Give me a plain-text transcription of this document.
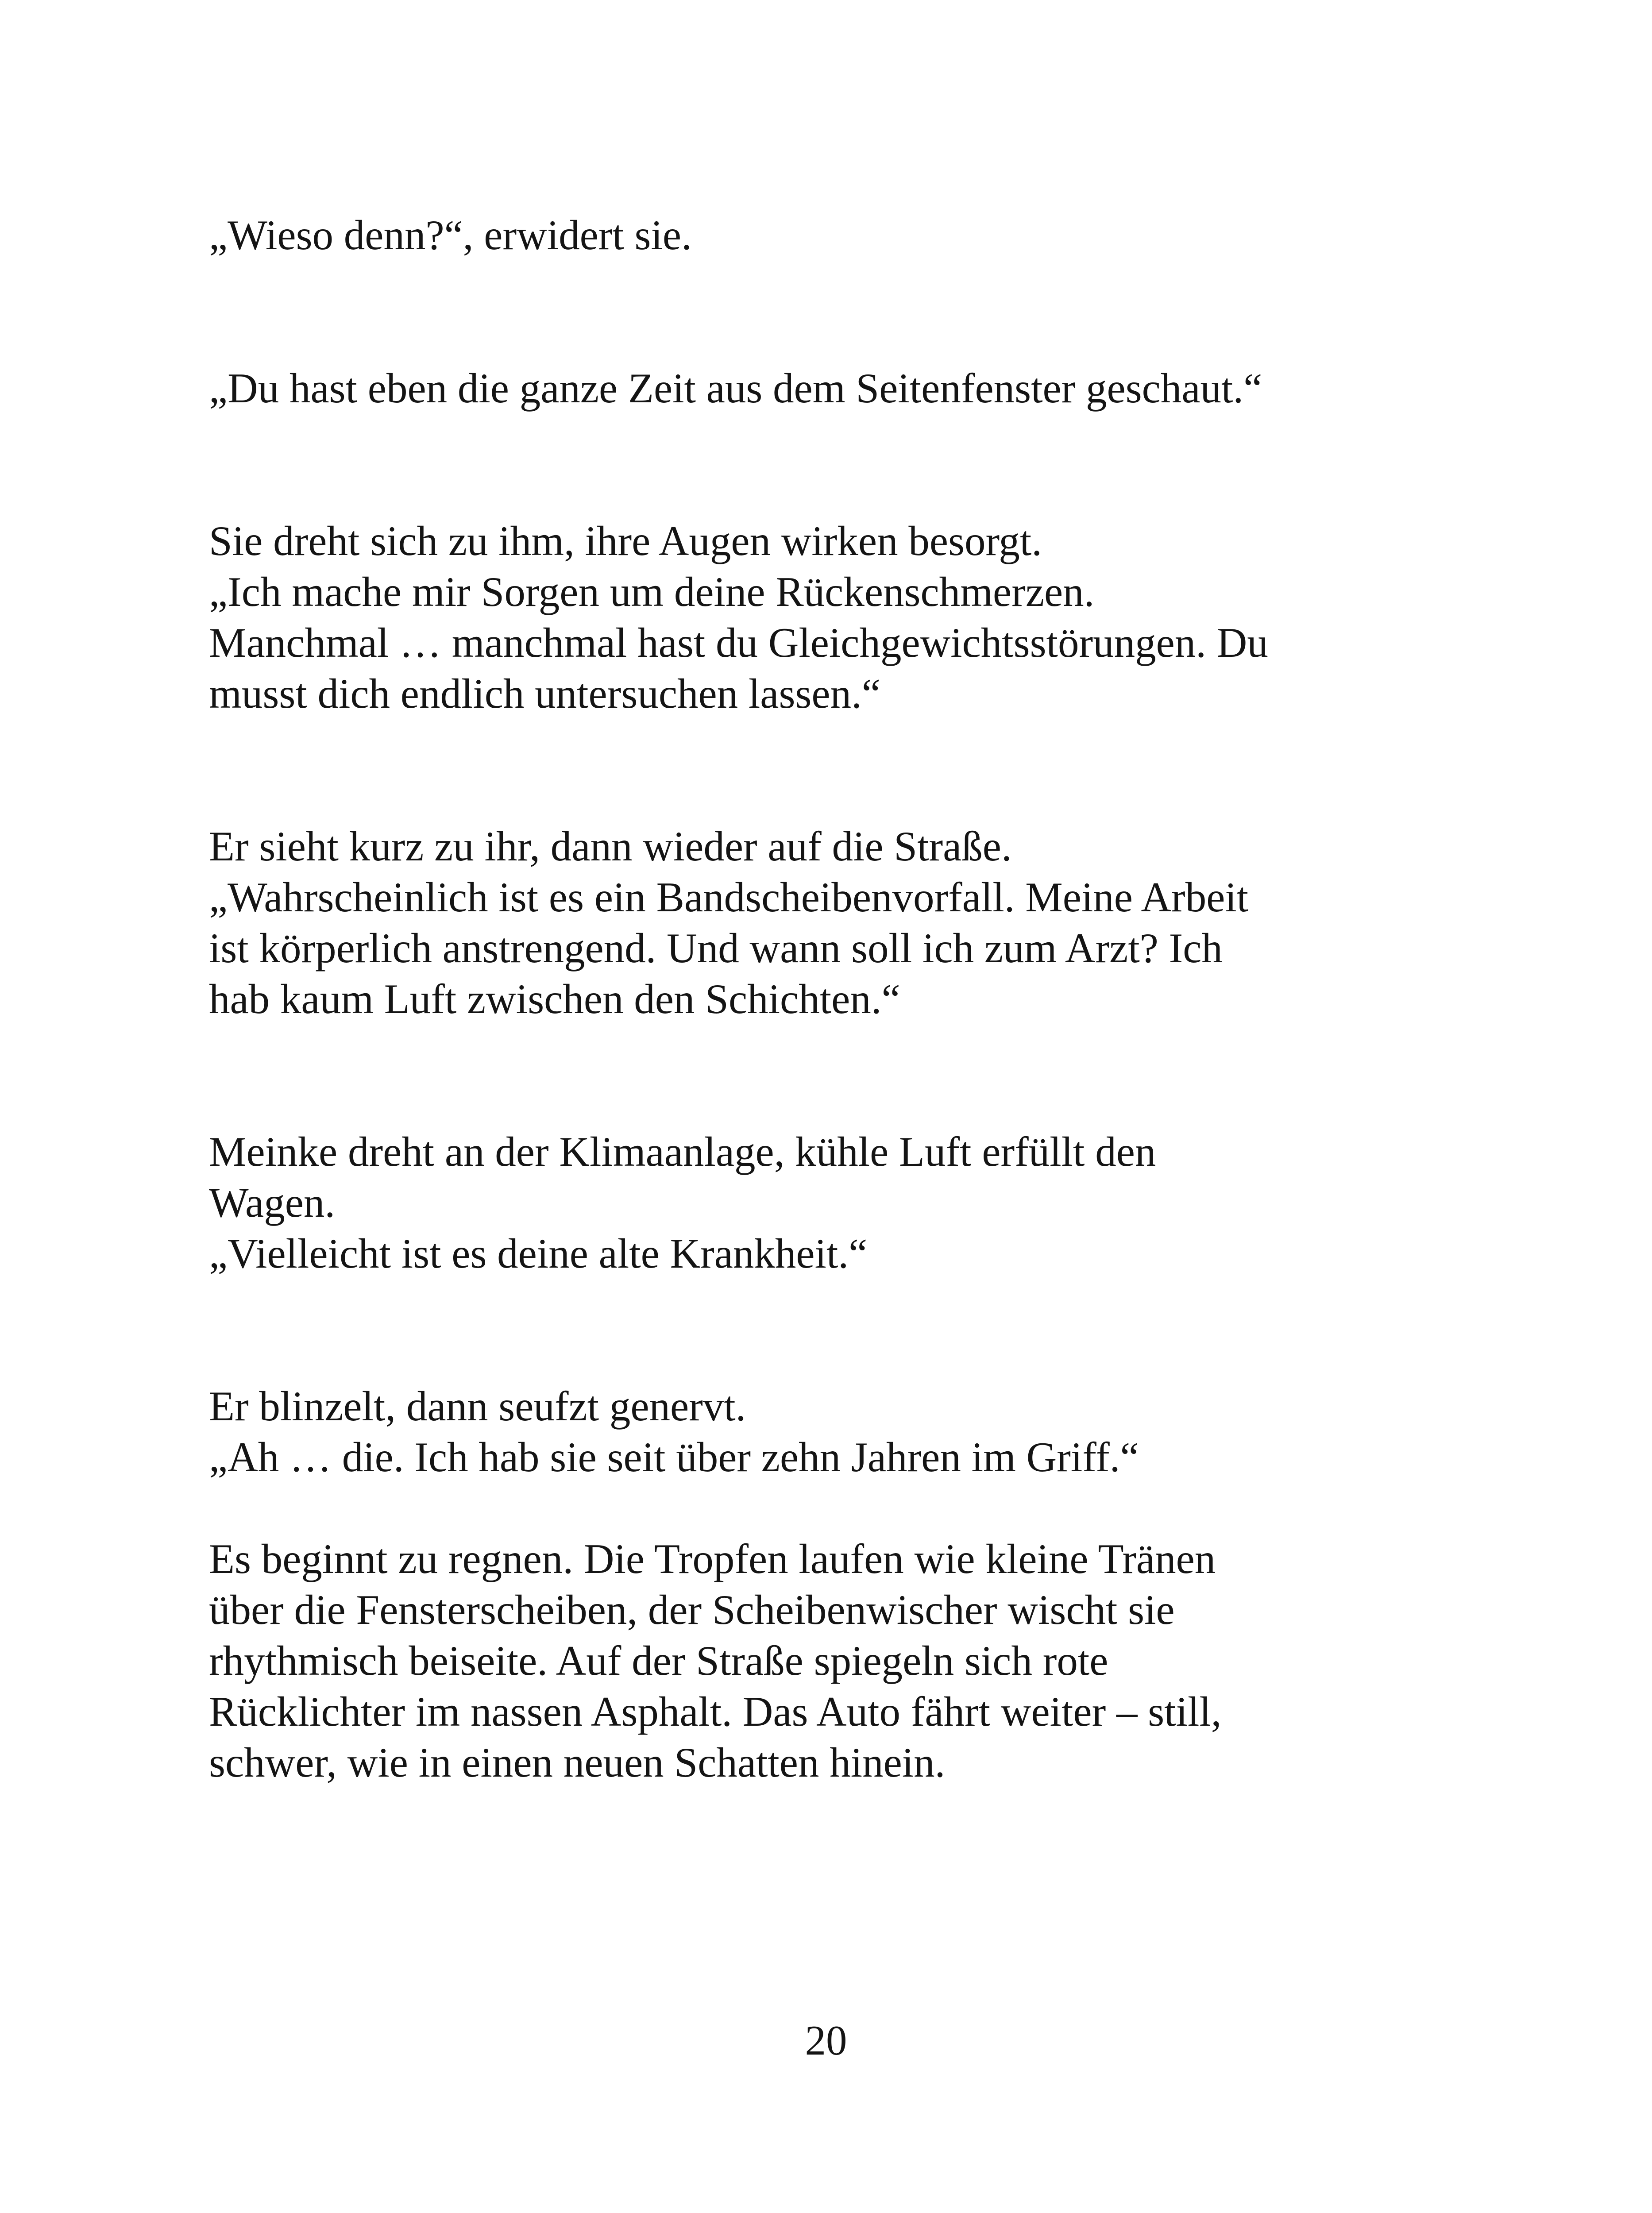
„Wieso denn?“, erwidert sie.

„Du hast eben die ganze Zeit aus dem Seitenfenster geschaut.“

Sie dreht sich zu ihm, ihre Augen wirken besorgt.
„Ich mache mir Sorgen um deine Rückenschmerzen.
Manchmal … manchmal hast du Gleichgewichtsstörungen. Du
musst dich endlich untersuchen lassen.“

Er sieht kurz zu ihr, dann wieder auf die Straße.
„Wahrscheinlich ist es ein Bandscheibenvorfall. Meine Arbeit
ist körperlich anstrengend. Und wann soll ich zum Arzt? Ich
hab kaum Luft zwischen den Schichten.“

Meinke dreht an der Klimaanlage, kühle Luft erfüllt den
Wagen.
„Vielleicht ist es deine alte Krankheit.“

Er blinzelt, dann seufzt genervt.
„Ah … die. Ich hab sie seit über zehn Jahren im Griff.“

Es beginnt zu regnen. Die Tropfen laufen wie kleine Tränen
über die Fensterscheiben, der Scheibenwischer wischt sie
rhythmisch beiseite. Auf der Straße spiegeln sich rote
Rücklichter im nassen Asphalt. Das Auto fährt weiter – still,
schwer, wie in einen neuen Schatten hinein.

20
